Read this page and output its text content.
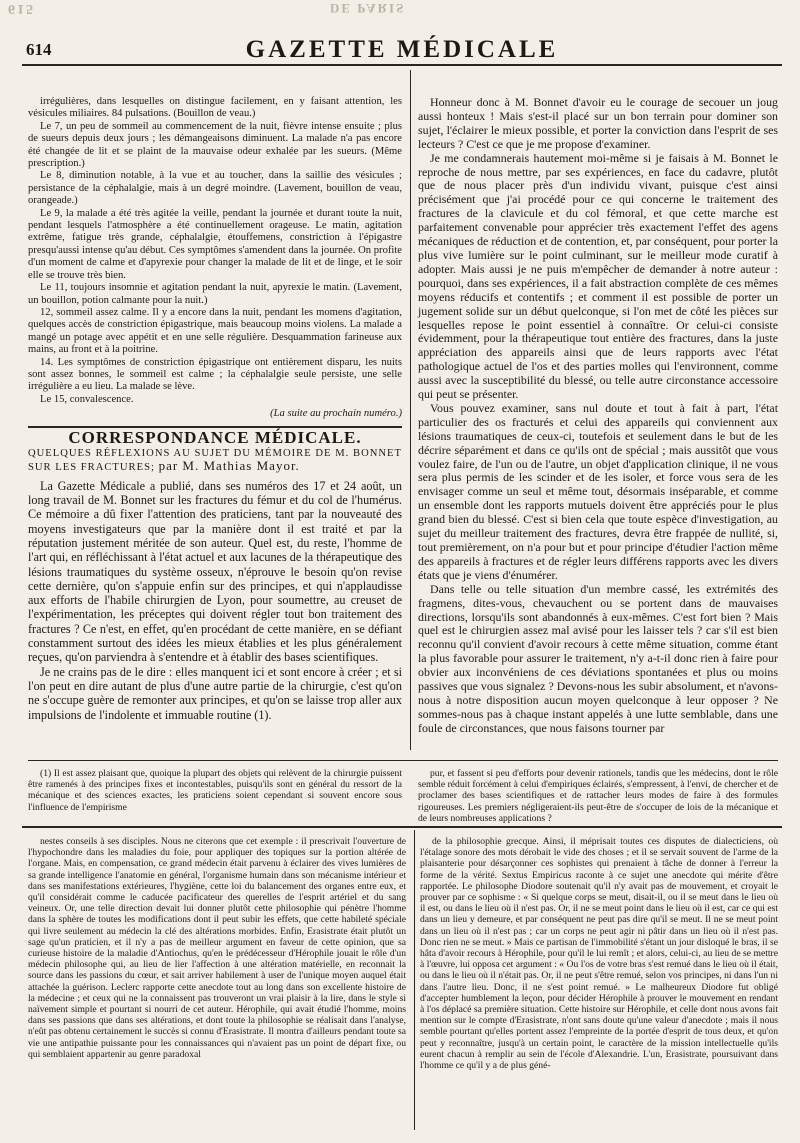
615	DE PARIS
614	GAZETTE MÉDICALE

irrégulières, dans lesquelles on distingue facilement, en y faisant attention, les vésicules miliaires. 84 pulsations. (Bouillon de veau.)

Le 7, un peu de sommeil au commencement de la nuit, fièvre intense ensuite ; plus de sueurs depuis deux jours ; les démangeaisons diminuent. La malade n'a pas encore été changée de lit et se plaint de la mauvaise odeur exhalée par les sueurs. (Même prescription.)

Le 8, diminution notable, à la vue et au toucher, dans la saillie des vésicules ; persistance de la céphalalgie, mais à un degré moindre. (Lavement, bouillon de veau, orangeade.)

Le 9, la malade a été très agitée la veille, pendant la journée et durant toute la nuit, pendant lesquels l'atmosphère a été continuellement orageuse. Le matin, agitation extrême, fatigue très grande, céphalalgie, étouffemens, constriction à l'épigastre presqu'aussi intense qu'au début. Ces symptômes s'amendent dans la journée. On profite d'un moment de calme et d'apyrexie pour changer la malade de lit et de linge, et le soir elle se trouve très bien.

Le 11, toujours insomnie et agitation pendant la nuit, apyrexie le matin. (Lavement, un bouillon, potion calmante pour la nuit.)

12, sommeil assez calme. Il y a encore dans la nuit, pendant les momens d'agitation, quelques accès de constriction épigastrique, mais beaucoup moins violens. La malade a mangé un potage avec appétit et en une selle régulière. Desquammation farineuse aux mains, au front et à la poitrine.

14. Les symptômes de constriction épigastrique ont entièrement disparu, les nuits sont assez bonnes, le sommeil est calme ; la céphalalgie seule persiste, une selle irrégulière a eu lieu. La malade se lève.

Le 15, convalescence.

(La suite au prochain numéro.)

CORRESPONDANCE MÉDICALE.

QUELQUES RÉFLEXIONS AU SUJET DU MÉMOIRE DE M. BONNET SUR LES FRACTURES; par M. Mathias Mayor.

La Gazette Médicale a publié, dans ses numéros des 17 et 24 août, un long travail de M. Bonnet sur les fractures du fémur et du col de l'humérus. Ce mémoire a dû fixer l'attention des praticiens, tant par la nouveauté des moyens investigateurs que par la manière dont il est traité et par la réputation justement méritée de son auteur. Quel est, du reste, l'homme de l'art qui, en réfléchissant à l'état actuel et aux lacunes de la thérapeutique des lésions traumatiques du système osseux, n'éprouve le besoin qu'on revise cette dernière, qu'on s'appuie enfin sur des principes, et qui n'applaudisse aux efforts de l'habile chirurgien de Lyon, pour soumettre, au creuset de l'expérimentation, les préceptes qui doivent régler tout bon traitement des fractures ? Ce n'est, en effet, qu'en procédant de cette manière, en se défiant constamment surtout des idées les mieux établies et les plus généralement reçues, qu'on parviendra à s'entendre et à établir des bases scientifiques.

Je ne crains pas de le dire : elles manquent ici et sont encore à créer ; et si l'on peut en dire autant de plus d'une autre partie de la chirurgie, c'est qu'on ne s'occupe guère de remonter aux principes, et qu'on se laisse trop aller aux impulsions de l'indolente et immuable routine (1).

Honneur donc à M. Bonnet d'avoir eu le courage de secouer un joug aussi honteux ! Mais s'est-il placé sur un bon terrain pour dominer son sujet, l'éclairer le mieux possible, et porter la conviction dans l'esprit de ses lecteurs ? C'est ce que je me propose d'examiner.

Je me condamnerais hautement moi-même si je faisais à M. Bonnet le reproche de nous mettre, par ses expériences, en face du cadavre, plutôt que de nous placer près d'un individu vivant, puisque c'est ainsi précisément que j'ai procédé pour ce qui concerne le traitement des fractures de la clavicule et du col fémoral, et que cette marche est parfaitement convenable pour apprécier très exactement l'effet des agens mécaniques de réduction et de contention, et, par conséquent, pour porter la plus vive lumière sur le point culminant, sur le meilleur mode curatif à adopter. Mais aussi je ne puis m'empêcher de demander à notre auteur : pourquoi, dans ses expériences, il a fait abstraction complète de ces mêmes moyens réducifs et contentifs ; et comment il est possible de porter un jugement solide sur un début quelconque, si l'on met de côté les pièces sur lesquelles repose le point essentiel à connaître. Or celui-ci consiste évidemment, pour la thérapeutique tout entière des fractures, dans la juste appréciation des appareils ainsi que de leurs rapports avec l'état pathologique actuel de l'os et des parties molles qui l'environnent, comme aussi avec la susceptibilité du blessé, ou telle autre circonstance accessoire qui peut se présenter.

Vous pouvez examiner, sans nul doute et tout à fait à part, l'état particulier des os fracturés et celui des appareils qui conviennent aux lésions traumatiques de ceux-ci, toutefois et seulement dans le but de les décrire séparément et dans ce qu'ils ont de spécial ; mais aussitôt que vous voulez faire, de l'un ou de l'autre, un objet d'application clinique, il ne vous sera plus permis de les scinder et de les isoler, et force vous sera de les envisager comme un seul et même tout, désormais inséparable, et comme un ensemble dont les rapports mutuels doivent être appréciés pour le plus grand bien du blessé. C'est si bien cela que toute espèce d'investigation, au sujet du meilleur traitement des fractures, devra être frappée de nullité, si, tout premièrement, on n'a pour but et pour principe d'étudier l'action même des appareils à fractures et de régler leurs différens rapports avec les divers états que je viens d'énumérer.

Dans telle ou telle situation d'un membre cassé, les extrémités des fragmens, dites-vous, chevauchent ou se portent dans de mauvaises directions, lorsqu'ils sont abandonnés à eux-mêmes. C'est fort bien ? Mais quel est le chirurgien assez mal avisé pour les laisser tels ? car s'il est bien reconnu qu'il convient d'avoir recours à cette même situation, comme étant la plus favorable pour assurer le traitement, n'y a-t-il donc rien à faire pour obvier aux inconvéniens de ces déviations spontanées et plus ou moins passives que vous signalez ? Devons-nous les subir absolument, et n'avons-nous à notre disposition aucun moyen quelconque à leur opposer ? Ne sommes-nous pas à chaque instant appelés à une lutte semblable, dans une foule de circonstances, que nous faisons tourner par

(1) Il est assez plaisant que, quoique la plupart des objets qui relèvent de la chirurgie puissent être ramenés à des principes fixes et incontestables, puisqu'ils sont en général du ressort de la mécanique et des sciences exactes, les praticiens soient cependant si souvent encore sous l'influence de l'empirisme

pur, et fassent si peu d'efforts pour devenir rationels, tandis que les médecins, dont le rôle semble réduit forcément à celui d'empiriques éclairés, s'empressent, à l'envi, de chercher et de proclamer des bases scientifiques et de rattacher leurs modes de faire à des formules rigoureuses. Les premiers négligeraient-ils peut-être de s'occuper de lois de la mécanique et de leurs nombreuses applications ?

nestes conseils à ses disciples. Nous ne citerons que cet exemple : il prescrivait l'ouverture de l'hypochondre dans les maladies du foie, pour appliquer des topiques sur la portion altérée de l'organe. Mais, en compensation, ce grand médecin était parvenu à éclairer des vives lumières de sa grande intelligence l'anatomie en général, l'organisme humain dans son mécanisme intérieur et dans ses manifestations extérieures, l'hygiène, cette loi du balancement des organes entre eux, et qu'il considérait comme le caducée pacificateur des querelles de l'esprit artériel et du sang veineux. Or, une telle direction devait lui donner plutôt cette philosophie qui pénètre l'homme dans la sphère de toutes les modifications dont il peut subir les effets, que cette habileté spéciale qui livre seulement au médecin la clé des altérations morbides. Enfin, Erasistrate était plutôt un sage qu'un praticien, et il n'y a pas de meilleur argument en faveur de cette opinion, que sa curieuse histoire de la maladie d'Antiochus, qu'en le prédécesseur d'Hérophile jouait le rôle d'un médecin philosophe qui, au lieu de lier l'affection à une altération matérielle, en reconnait la source dans les passions du cœur, et sait arriver habilement à user de l'unique moyen auquel était attachée la guérison. Leclerc rapporte cette anecdote tout au long dans son excellente histoire de la médecine ; et ceux qui ne la connaissent pas trouveront un vrai plaisir à la lire, dans le style si naïvement simple et pourtant si nourri de cet auteur. Hérophile, qui avait étudié l'homme, moins dans ses passions que dans ses altérations, et dont toute la philosophie se réalisait dans l'analyse, n'eût pas obtenu certainement le succès si connu d'Erasistrate. Il montra d'ailleurs pendant toute sa vie une antipathie puissante pour les connaissances qui n'avaient pas un point de départ fixe, ou qui semblaient appartenir au genre paradoxal

de la philosophie grecque. Ainsi, il méprisait toutes ces disputes de dialecticiens, où l'étalage sonore des mots dérobait le vide des choses ; et il se servait souvent de l'arme de la plaisanterie pour désarçonner ces sophistes qui prenaient à tâche de donner à l'erreur la forme de la vérité. Sextus Empiricus raconte à ce sujet une anecdote qui mérite d'être rapportée. Le philosophe Diodore soutenait qu'il n'y avait pas de mouvement, et croyait le prouver par ce sophisme : « Si quelque corps se meut, disait-il, ou il se meut dans le lieu où il est, ou dans le lieu où il n'est pas. Or, il ne se meut point dans le lieu où il est, car ce qui est dans un lieu y demeure, et par conséquent ne peut pas dire qu'il se meut. Il ne se meut point dans un lieu où il n'est pas ; car un corps ne peut agir ni pâtir dans un lieu où il n'est pas. Donc rien ne se meut. » Mais ce partisan de l'immobilité s'étant un jour disloqué le bras, il se hâta d'avoir recours à Hérophile, pour qu'il le lui remît ; et alors, celui-ci, au lieu de se mettre à l'œuvre, lui opposa cet argument : « Ou l'os de votre bras s'est remué dans le lieu où il était, ou dans le lieu où il n'était pas. Or, il ne peut s'être remué, selon vos principes, ni dans l'un ni dans l'autre lieu. Donc, il ne s'est point remué. » Le malheureux Diodore fut obligé d'accepter humblement la leçon, pour décider Hérophile à prouver le mouvement en rendant à l'os déplacé sa première situation. Cette histoire sur Hérophile, et celle dont nous avons fait mention sur le compte d'Erasistrate, n'ont sans doute qu'une valeur d'anecdote ; mais il nous semble pourtant qu'elles portent assez l'empreinte de la portée d'esprit de tous deux, et qu'on peut y reconnaître, jusqu'à un certain point, le caractère de la mission intellectuelle qu'ils eurent chacun à remplir au sein de l'école d'Alexandrie. L'un, Erasistrate, poursuivant dans l'homme ce qu'il y a de plus géné-
